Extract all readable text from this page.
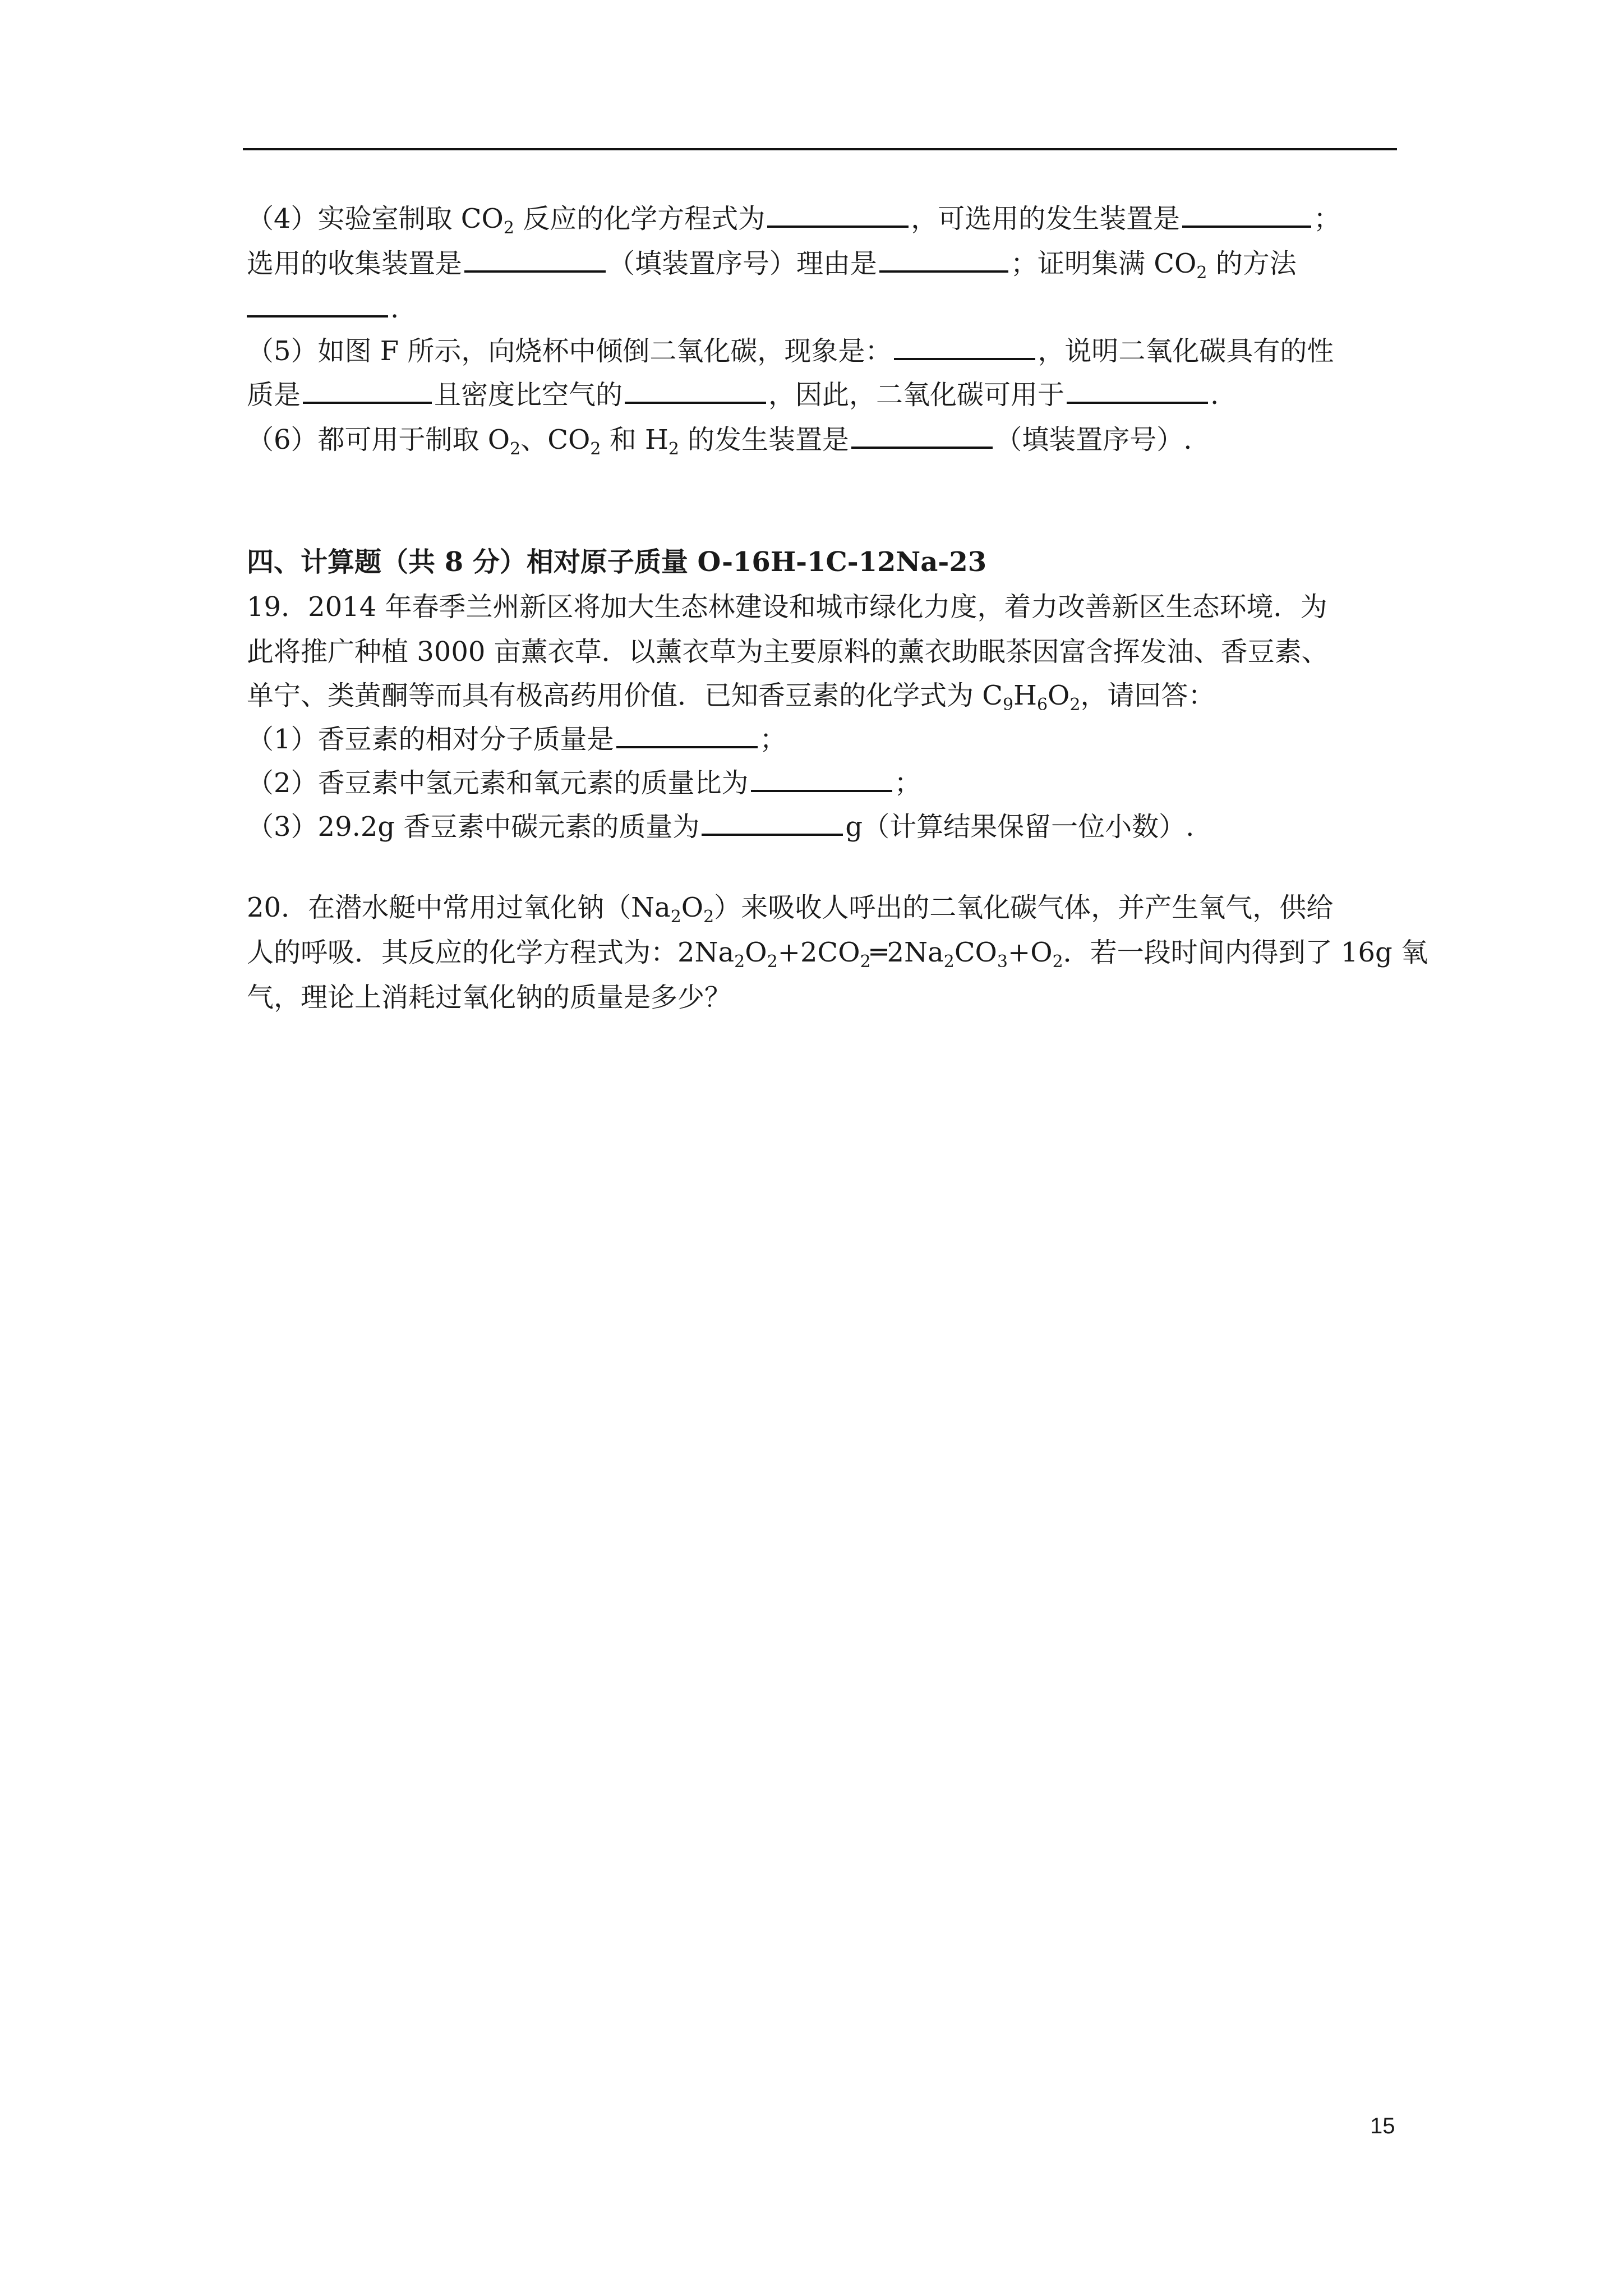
（4）实验室制取 $CO_2$ 反应的化学方程式为	，可选用的发生装置是	；
选用的收集装置是	（填装置序号）理由是	；证明集满 $CO_2$ 的方法
.
（5）如图 F 所示，向烧杯中倾倒二氧化碳，现象是：	，说明二氧化碳具有的性
质是	且密度比空气的	，因此，二氧化碳可用于	.
（6）都可用于制取 $O_2$、$CO_2$ 和 $H_2$ 的发生装置是	（填装置序号）.
四、计算题（共 8 分）相对原子质量 O-16H-1C-12Na-23
19．2014 年春季兰州新区将加大生态林建设和城市绿化力度，着力改善新区生态环境．为
此将推广种植 3000 亩薰衣草．以薰衣草为主要原料的薰衣助眠茶因富含挥发油、香豆素、
单宁、类黄酮等而具有极高药用价值．已知香豆素的化学式为 $C_9H_6O_2$，请回答：
（1）香豆素的相对分子质量是	；
（2）香豆素中氢元素和氧元素的质量比为	；
（3）29.2g 香豆素中碳元素的质量为	g（计算结果保留一位小数）.
20．在潜水艇中常用过氧化钠$(Na_2O_2)$来吸收人呼出的二氧化碳气体，并产生氧气，供给
人的呼吸．其反应的化学方程式为：$2Na_2O_2+2CO_2═2Na_2CO_3+O_2$．若一段时间内得到了 16g 氧
气，理论上消耗过氧化钠的质量是多少？
15
